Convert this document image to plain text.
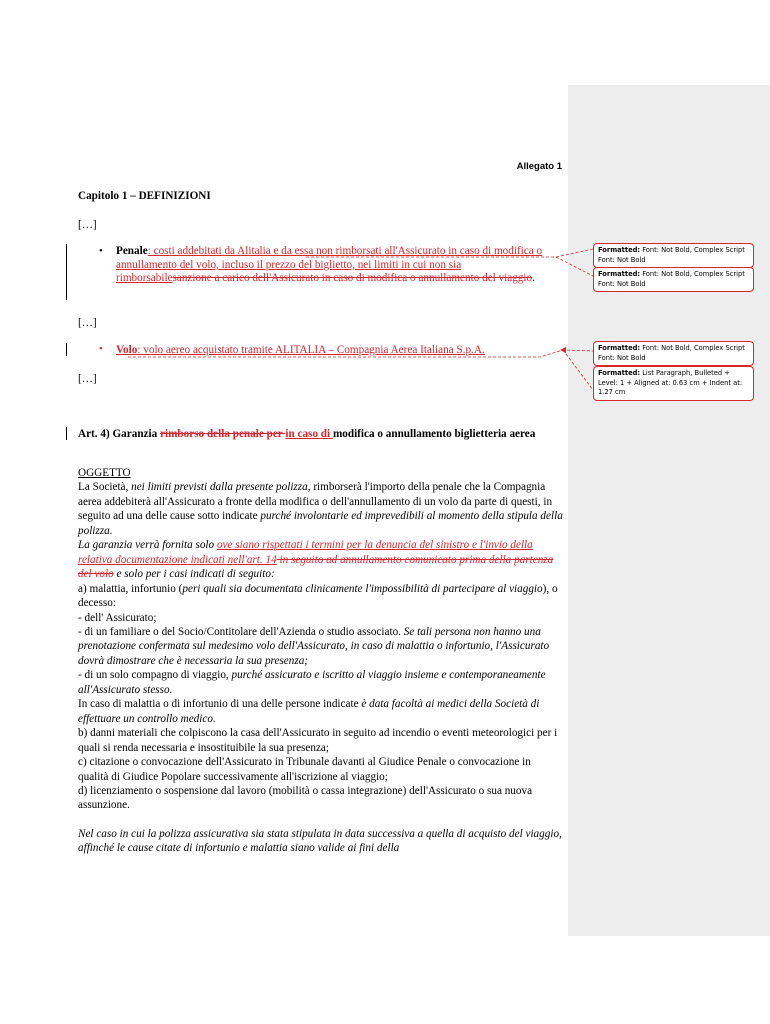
Allegato 1
Capitolo 1 – DEFINIZIONI
[…]
• Penale: costi addebitati da Alitalia e da essa non rimborsati all'Assicurato in caso di modifica o annullamento del volo, incluso il prezzo del biglietto, nei limiti in cui non sia rimborsabilesanzione a carico dell'Assicurato in caso di modifica o annullamento del viaggio.
[…]
• Volo: volo aereo acquistato tramite ALITALIA – Compagnia Aerea Italiana S.p.A.
[…]
Art. 4) Garanzia rimborso della penale per in caso di modifica o annullamento biglietteria aerea

OGGETTO

La Società, nei limiti previsti dalla presente polizza, rimborserà l'importo della penale che la Compagnia aerea addebiterà all'Assicurato a fronte della modifica o dell'annullamento di un volo da parte di questi, in seguito ad una delle cause sotto indicate purché involontarie ed imprevedibili al momento della stipula della polizza.

La garanzia verrà fornita solo ove siano rispettati i termini per la denuncia del sinistro e l'invio della relativa documentazione indicati nell'art. 14 in seguito ad annullamento comunicato prima della partenza del volo e solo per i casi indicati di seguito:

a) malattia, infortunio (peri quali sia documentata clinicamente l'impossibilità di partecipare al viaggio), o decesso:

- dell' Assicurato;

- di un familiare o del Socio/Contitolare dell'Azienda o studio associato. Se tali persona non hanno una prenotazione confermata sul medesimo volo dell'Assicurato, in caso di malattia o infortunio, l'Assicurato dovrà dimostrare che è necessaria la sua presenza;

- di un solo compagno di viaggio, purché assicurato e iscritto al viaggio insieme e contemporaneamente all'Assicurato stesso.

In caso di malattia o di infortunio di una delle persone indicate è data facoltà ai medici della Società di effettuare un controllo medico.

b) danni materiali che colpiscono la casa dell'Assicurato in seguito ad incendio o eventi meteorologici per i quali si renda necessaria e insostituibile la sua presenza;

c) citazione o convocazione dell'Assicurato in Tribunale davanti al Giudice Penale o convocazione in qualità di Giudice Popolare successivamente all'iscrizione al viaggio;

d) licenziamento o sospensione dal lavoro (mobilità o cassa integrazione) dell'Assicurato o sua nuova assunzione.

Nel caso in cui la polizza assicurativa sia stata stipulata in data successiva a quella di acquisto del viaggio, affinché le cause citate di infortunio e malattia siano valide ai fini della

Formatted: Font: Not Bold, Complex Script Font: Not Bold
Formatted: Font: Not Bold, Complex Script Font: Not Bold
Formatted: Font: Not Bold, Complex Script Font: Not Bold
Formatted: List Paragraph, Bulleted + Level: 1 + Aligned at: 0.63 cm + Indent at: 1.27 cm
